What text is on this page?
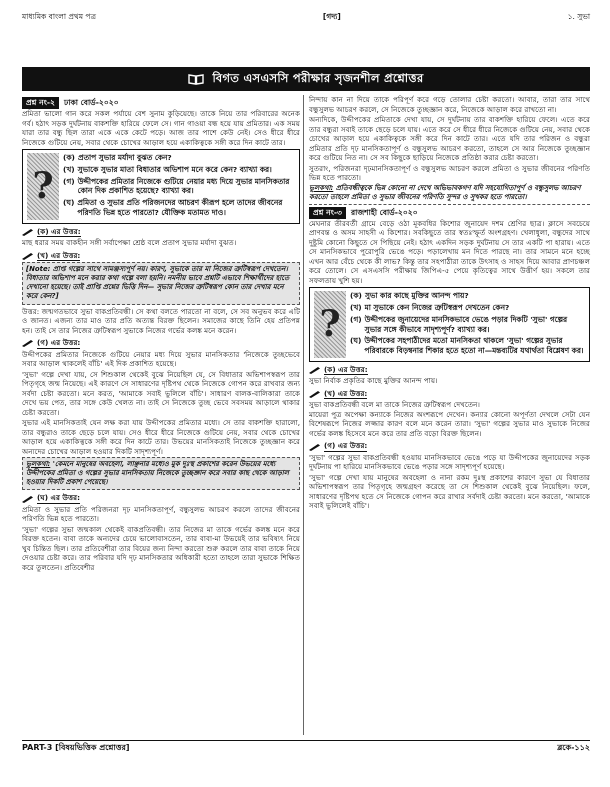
মাধ্যমিক বাংলা প্রথম পত্র	[গদ্য]	১. সুভা
বিগত এসএসসি পরীক্ষার সৃজনশীল প্রশ্নোত্তর
প্রশ্ন নং-২	ঢাকা বোর্ড-২০২০

প্রমিতা ভালো গান করে সকল পর্যায়ে বেশ সুনাম কুড়িয়েছে। তাকে নিয়ে তার পরিবারের অনেক গর্ব। হঠাৎ সড়ক দুর্ঘটনায় বাকশক্তি হারিয়ে ফেলে সে। গান গাওয়া বন্ধ হয়ে যায় প্রমিতার। এক সময় যারা তার বন্ধু ছিল তারা একে একে কেটে পড়ে। আজ তার পাশে কেউ নেই। সেও ধীরে ধীরে নিজেকে গুটিয়ে নেয়, সবার থেকে চোখের আড়াল হয়ে একাকিত্বকে সঙ্গী করে দিন কাটে তার।

?
(ক) প্রতাপ সুভার মর্যাদা বুঝত কেন?
(খ) সুভাকে সুভার মাতা বিধাতার অভিশাপ মনে করে কেন? ব্যাখ্যা কর।
(গ) উদ্দীপকের প্রমিতার নিজেকে গুটিয়ে নেয়ার মধ্য দিয়ে সুভার মানসিকতার কোন দিক প্রকাশিত হয়েছে? ব্যাখ্যা কর।
(ঘ) প্রমিতা ও সুভার প্রতি পরিজনদের আচরণ কীরূপ হলে তাদের জীবনের পরিণতি ভিন্ন হতে পারতো? যৌক্তিক মতামত দাও।
(ক) এর উত্তর:

মাছ ধরার সময় বাকহীন সঙ্গী সর্বাপেক্ষা শ্রেষ্ঠ বলে প্রতাপ সুভার মর্যাদা বুঝত।

(খ) এর উত্তর:
[Note: প্রাপ্ত গল্পের সাথে সামঞ্জস্যপূর্ণ নয়। কারণ, সুভাকে তার মা নিজের ত্রুটিস্বরূপ দেখতেন। বিধাতার অভিশাপ মনে করার কথা গল্পে বলা হয়নি। নমনীয় ভাবে প্রশ্নটি এভাবে শিক্ষার্থীদের হাতে দেখানো হয়েছে। তাই প্রাপ্তি প্রশ্নের ভিত্তি দিন— সুভার নিজের ত্রুটিস্বরূপ কোন তার দেখার মনে করে কেন?]

উত্তর: জন্মগতভাবে সুভা বাকপ্রতিবন্ধী। সে কথা বলতে পারতো না বলে, সে সব অনুভব করে এটি ও জানত। এজন্য তার মাও তার প্রতি অত্যন্ত বিরক্ত ছিলেন। সমাজের কাছে তিনি হেয় প্রতিপন্ন হন। তাই সে তার নিজের ত্রুটিস্বরূপ সুভাকে নিজের গর্ভের কলঙ্ক মনে করেন।

(গ) এর উত্তর:

উদ্দীপকের প্রমিতার নিজেকে গুটিয়ে নেয়ার মধ্য দিয়ে সুভার মানসিকতার 'নিজেকে তুচ্ছভেবে সবার আড়াল থাকলেই বাঁচি' এই দিক প্রকাশিত হয়েছে।

'সুভা' গল্পে দেখা যায়, সে শিশুকাল থেকেই বুঝে নিয়েছিল যে, সে বিধাতার অভিশাপস্বরূপ তার পিতৃগৃহে জন্ম নিয়েছে। এই কারণে সে সাধারণের দৃষ্টিপথ থেকে নিজেকে গোপন করে রাখবার জন্য সর্বদা চেষ্টা করতো। মনে করত, 'আমাকে সবাই ভুলিলে বাঁচি'। সাধারণ বালক-বালিকারা তাকে দেখে ভয় পেত, তার সঙ্গে কেউ খেলত না। তাই সে নিজেকে তুচ্ছ ভেবে সবসময় আড়ালে থাকার চেষ্টা করতো।

সুভার এই মানসিকতাই যেন লক্ষ করা যায় উদ্দীপকের প্রমিতার মধ্যে। সে তার বাকশক্তি হারালো, তার বন্ধুরাও তাকে ছেড়ে চলে যায়। সেও ধীরে ধীরে নিজেকে গুটিয়ে নেয়, সবার থেকে চোখের আড়াল হয়ে একাকিত্বকে সঙ্গী করে দিন কাটে তার। উভয়ের মানসিকতাই নিজেকে তুচ্ছজ্ঞান করে অন্যদের চোখের আড়াল হওয়ার দিকটি সাদৃশ্যপূর্ণ।

ভুলকথা: 'কেমনে মানুষের অবহেলা, লাঞ্ছনার মধ্যেও মুক দুঃস্থ প্রকাশের করেন উভয়ের মধ্যে উদ্দীপকের প্রমিতা ও গল্পের সুভার মানসিকতায় নিজেকে তুচ্ছজ্ঞান করে সবার কাছ থেকে আড়াল হওয়ার দিকটি প্রকাশ পেয়েছে।
(ঘ) এর উত্তর:

প্রমিতা ও সুভার প্রতি পরিজনরা দৃঢ় মানসিকতাপূর্ণ, বন্ধুসুলভ আচরণ করলে তাদের জীবনের পরিণতি ভিন্ন হতে পারতো।

'সুভা' গল্পের সুভা জন্মকাল থেকেই বাকপ্রতিবন্ধী। তার নিজের মা তাকে গর্ভের কলঙ্ক মনে করে বিরক্ত হতেন। বাবা তাকে অন্যদের চেয়ে ভালোবাসতেন, তার বাবা-মা উভয়েই তার ভবিষ্যৎ নিয়ে খুব চিন্তিত ছিল। তার প্রতিবেশীরা তার বিয়ের জন্য নিন্দা করতো শুরু করলে তার বাবা তাকে নিয়ে দেওয়ার চেষ্টা করে। তার পরিবার যদি দৃঢ় মানসিকতার অধিকারী হতো তাহলে তারা সুভাকে শিক্ষিত করে তুলতেন। প্রতিবেশীর

নিন্দায় কান না দিয়ে তাকে পরিপূর্ণ করে গড়ে তোলার চেষ্টা করতো। আবার, তারা তার সাথে বন্ধুসুলভ আচরণ করলে, সে নিজেকে তুচ্ছজ্ঞান করে, নিজেকে আড়াল করে রাখতো না।

অন্যদিকে, উদ্দীপকের প্রমিতাকে দেখা যায়, সে দুর্ঘটনায় তার বাকশক্তি হারিয়ে ফেলে। এতে করে তার বন্ধুরা সবাই তাকে ছেড়ে চলে যায়। এতে করে সে ধীরে ধীরে নিজেকে গুটিয়ে নেয়, সবার থেকে চোখের আড়াল হয়ে একাকিত্বকে সঙ্গী করে দিন কাটে তার। এতে যদি তার পরিজন ও বন্ধুরা প্রমিতার প্রতি দৃঢ় মানসিকতাপূর্ণ ও বন্ধুসুলভ আচরণ করতো, তাহলে সে আর নিজেকে তুচ্ছজ্ঞান করে গুটিয়ে নিত না। সে সব কিছুকে ছাড়িয়ে নিজেকে প্রতিষ্ঠা করার চেষ্টা করতো।

সুতরাং, পরিজনরা দৃঢ়মানসিকতাপূর্ণ ও বন্ধুসুলভ আচরণ করলে প্রমিতা ও সুভার জীবনের পরিণতি ভিন্ন হতে পারতো।

ভুলকথা: প্রতিবন্ধীত্বকে ভিন্ন কোনো না দেখে অভিভাবকগণ যদি সহযোগিতাপূর্ণ ও বন্ধুসুলভ আচরণ করতো তাহলে প্রমিতা ও সুভার জীবনের পরিণতি সুন্দর ও সুখকর হতে পারতো।
প্রশ্ন নং-৩	রাজশাহী বোর্ড-২০২০

মেঘনার তীরবর্তী গ্রামে বেড়ে ওঠা মূকবধির কিশোর জুনায়েদ দশম শ্রেণির ছাত্র। ক্লাসে সবচেয়ে প্রাণবন্ত ও অসম সাহসী এ কিশোর। সবকিছুতে তার স্বতঃস্ফূর্ত অংশগ্রহণ। খেলাধুলা, বন্ধুদের সাথে দুষ্টুমি কোনো কিছুতে সে পিছিয়ে নেই। হঠাৎ একদিন সড়ক দুর্ঘটনায় সে তার একটি পা হারায়। এতে সে মানসিকভাবে পুরোপুরি ভেঙে পড়ে। পড়ালেখায় মন দিতে পারছে না। তার সামনে মনে হচ্ছে এখন আর বেঁচে থেকে কী লাভ? কিন্তু তার সহপাঠীরা তাকে উৎসাহ ও সাহস দিয়ে আবার প্রাণচঞ্চল করে তোলে। সে এসএসসি পরীক্ষায় জিপিএ-৫ পেয়ে কৃতিত্বের সাথে উত্তীর্ণ হয়। সকলে তার সফলতায় খুশি হয়।

?
(ক) সুভা কার কাছে মুক্তির আনন্দ পায়?
(খ) মা সুভাকে কেন নিজের ত্রুটিস্বরূপ দেখতেন কেন?
(গ) উদ্দীপকের জুনায়েদের মানসিকভাবে ভেঙে পড়ার দিকটি 'সুভা' গল্পের সুভার সঙ্গে কীভাবে সাদৃশ্যপূর্ণ? ব্যাখ্যা কর।
(ঘ) উদ্দীপকের সহপাঠীদের মতো মানসিকতা থাকলে 'সুভা' গল্পের সুভার পরিবারকে বিড়ম্বনার শিকার হতে হতো না—মন্তব্যটির যথার্থতা বিশ্লেষণ কর।
(ক) এর উত্তর:

সুভা নির্বাক প্রকৃতির কাছে মুক্তির আনন্দ পায়।

(খ) এর উত্তর:

সুভা বাকপ্রতিবন্ধী বলে মা তাকে নিজের ত্রুটিস্বরূপ দেখতেন।
মায়েরা পুত্র অপেক্ষা কন্যাকে নিজের অংশরূপে দেখেন। কন্যার কোনো অপূর্ণতা দেখলে সেটা যেন বিশেষরূপে নিজের লজ্জার কারণ বলে মনে করেন তারা। 'সুভা' গল্পের সুভার মাও সুভাকে নিজের গর্ভের কলঙ্ক হিসেবে মনে করে তার প্রতি বড়ো বিরক্ত ছিলেন।

(গ) এর উত্তর:

'সুভা' গল্পের সুভা বাকপ্রতিবন্ধী হওয়ায় মানসিকভাবে ভেঙে পড়ে যা উদ্দীপকের জুনায়েদের সড়ক দুর্ঘটনায় পা হারিয়ে মানসিকভাবে ভেঙে পড়ার সঙ্গে সাদৃশ্যপূর্ণ হয়েছে।

'সুভা' গল্পে দেখা যায় মানুষের অবহেলা ও নানা রকম দুঃস্থ প্রকাশের কারণে সুভা যে বিধাতার অভিশাপস্বরূপ তার পিতৃগৃহে জন্মগ্রহণ করেছে তা সে শিশুকাল থেকেই বুঝে নিয়েছিল। ফলে, সাধারণের দৃষ্টিপথ হতে সে নিজেকে গোপন করে রাখার সর্বদাই চেষ্টা করতো। মনে করতো, 'আমাকে সবাই ভুলিলেই বাঁচি'।

PART-3 [বিষয়ভিত্তিক প্রশ্নোত্তর]	ব্লকে-১১২
